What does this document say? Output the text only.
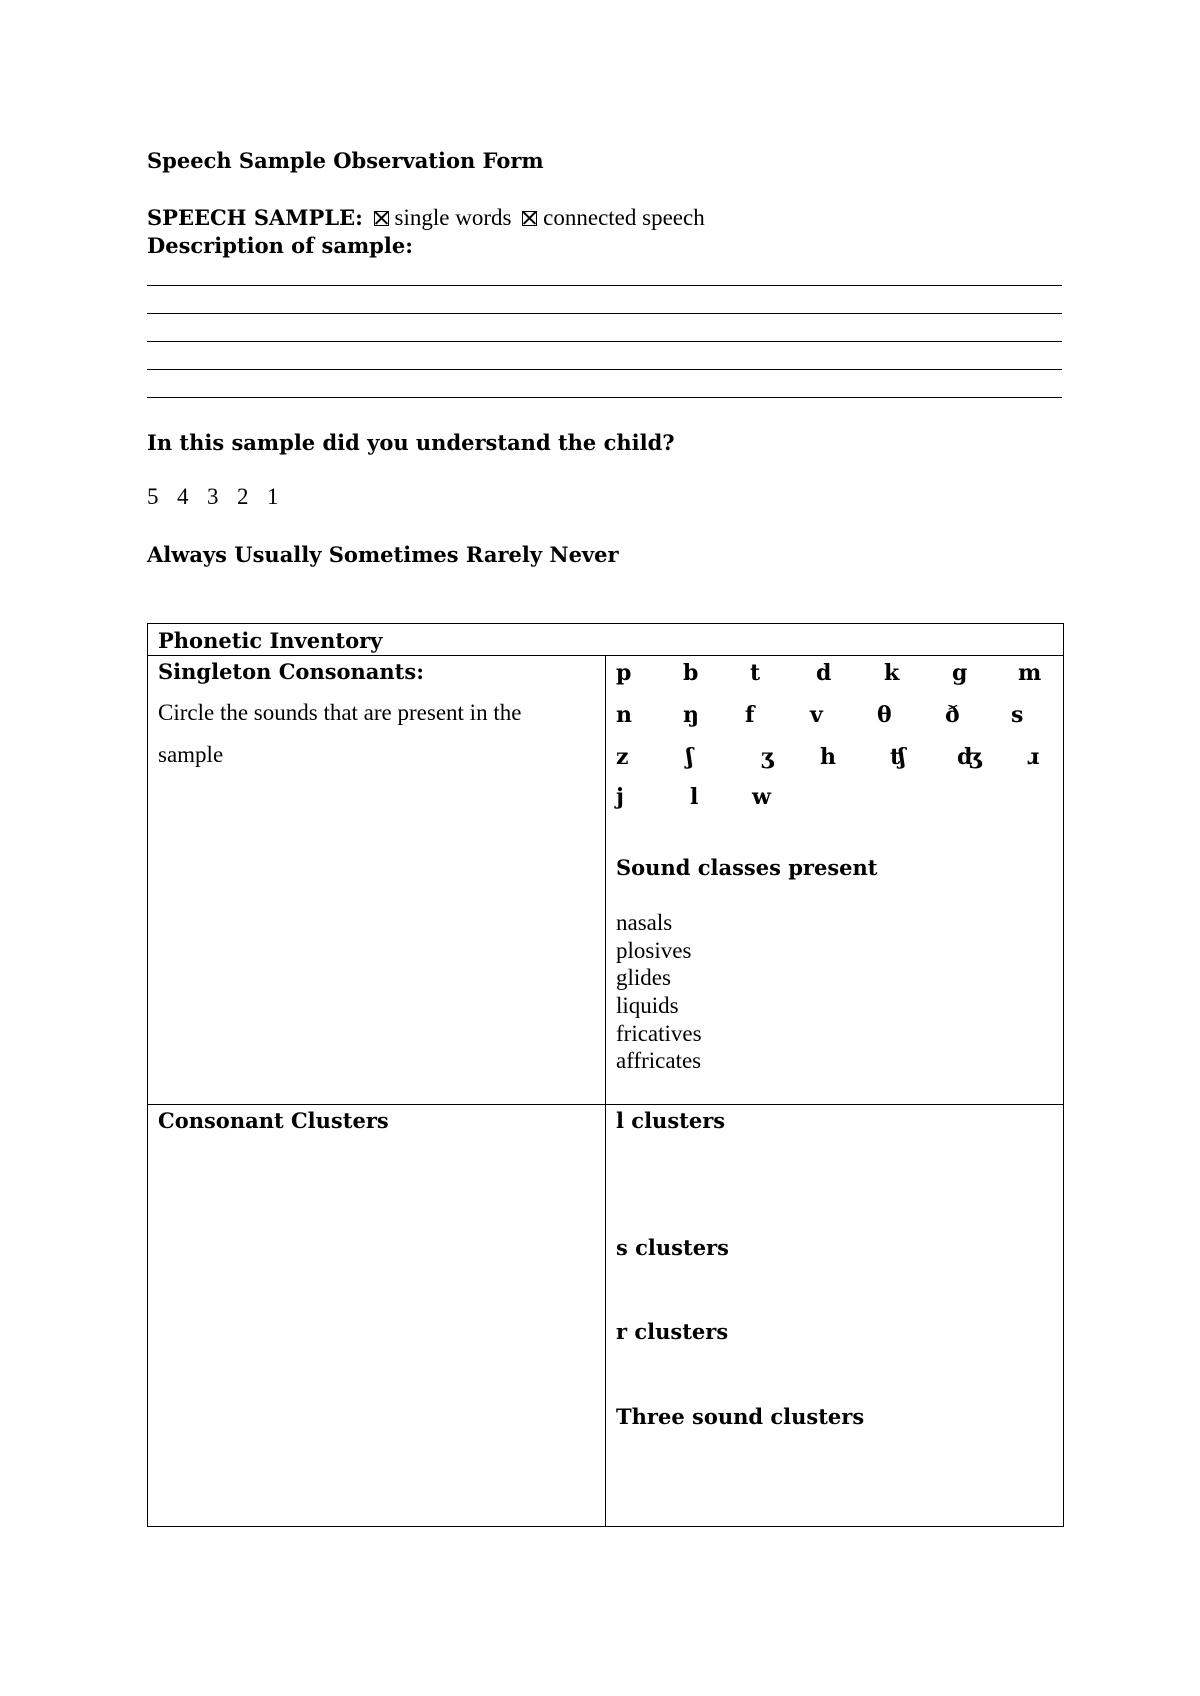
Speech Sample Observation Form
SPEECH SAMPLE: single words connected speech
Description of sample:
In this sample did you understand the child?
5 4 3 2 1
Always Usually Sometimes Rarely Never
Phonetic Inventory
Singleton Consonants:
Circle the sounds that are present in the
sample
p b t	d k g m
n ŋ f	v θ ð s
z	ʃ	ʒ h ʧ ʤ ɹ
j	l w
Sound classes present
nasals
plosives
glides
liquids
fricatives
affricates
Consonant Clusters	l clusters
s clusters
r clusters
Three sound clusters
